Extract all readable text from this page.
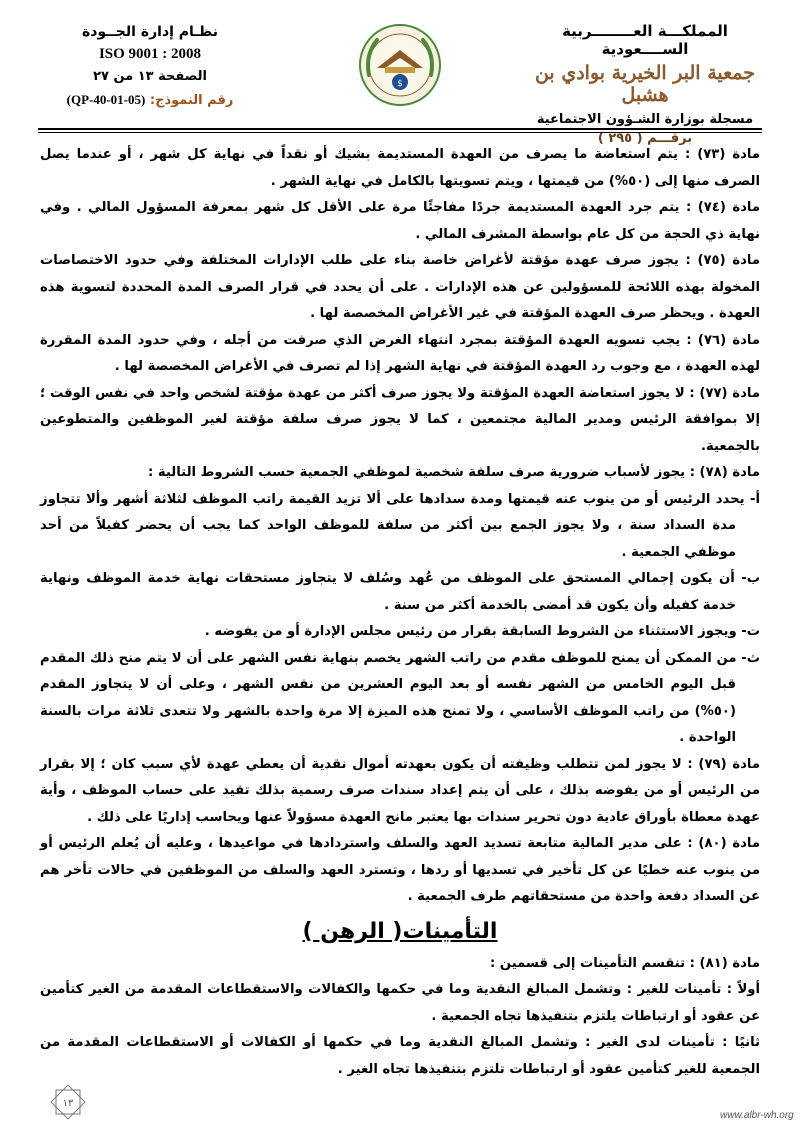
المملكـــة العــــــــربية الســــعودية
جمعية البر الخيرية بوادي بن هشبل
مسجلة بوزارة الشـؤون الاجتماعية
برقـــم ( ٢٩٥ )
$
نظـام إدارة الجــودة
ISO 9001 : 2008
الصفحة ١٣ من ٢٧
رقم النموذج: (QP-40-01-05)

مادة (٧٣) : يتم استعاضة ما يصرف من العهدة المستديمة بشيك أو نقداً في نهاية كل شهر ، أو عندما يصل الصرف منها إلى (٥٠%) من قيمتها ، ويتم تسويتها بالكامل في نهاية الشهر .

مادة (٧٤) : يتم جرد العهدة المستديمة جردًا مفاجئًا مرة على الأقل كل شهر بمعرفة المسؤول المالي . وفي نهاية ذي الحجة من كل عام بواسطة المشرف المالي .

مادة (٧٥) : يجوز صرف عهدة مؤقتة لأغراض خاصة بناء على طلب الإدارات المختلفة وفي حدود الاختصاصات المخولة بهذه اللائحة للمسؤولين عن هذه الإدارات . على أن يحدد في قرار الصرف المدة المحددة لتسوية هذه العهدة . ويحظر صرف العهدة المؤقتة في غير الأغراض المخصصة لها .

مادة (٧٦) : يجب تسويه العهدة المؤقتة بمجرد انتهاء الغرض الذي صرفت من أجله ، وفي حدود المدة المقررة لهذه العهدة ، مع وجوب رد العهدة المؤقتة في نهاية الشهر إذا لم تصرف في الأغراض المخصصة لها .

مادة (٧٧) : لا يجوز استعاضة العهدة المؤقتة ولا يجوز صرف أكثر من عهدة مؤقتة لشخص واحد في نفس الوقت ؛ إلا بموافقة الرئيس ومدير المالية مجتمعين ، كما لا يجوز صرف سلفة مؤقتة لغير الموظفين والمتطوعين بالجمعية.

مادة (٧٨) : يجوز لأسباب ضرورية صرف سلفة شخصية لموظفي الجمعية حسب الشروط التالية :

أ- يحدد الرئيس أو من ينوب عنه قيمتها ومدة سدادها على ألا تزيد القيمة راتب الموظف لثلاثة أشهر وألا تتجاوز مدة السداد سنة ، ولا يجوز الجمع بين أكثر من سلفة للموظف الواحد كما يجب أن يحضر كفيلاً من أحد موظفي الجمعية .

ب- أن يكون إجمالي المستحق على الموظف من عُهد وسُلف لا يتجاوز مستحقات نهاية خدمة الموظف ونهاية خدمة كفيله وأن يكون قد أمضى بالخدمة أكثر من سنة .

ت- ويجوز الاستثناء من الشروط السابقة بقرار من رئيس مجلس الإدارة أو من يفوضه .

ث- من الممكن أن يمنح للموظف مقدم من راتب الشهر يخصم بنهاية نفس الشهر على أن لا يتم منح ذلك المقدم قبل اليوم الخامس من الشهر نفسه أو بعد اليوم العشرين من نفس الشهر ، وعلى أن لا يتجاوز المقدم (٥٠%) من راتب الموظف الأساسي ، ولا تمنح هذه الميزة إلا مرة واحدة بالشهر ولا تتعدى ثلاثة مرات بالسنة الواحدة .

مادة (٧٩) : لا يجوز لمن تتطلب وظيفته أن يكون بعهدته أموال نقدية أن يعطي عهدة لأي سبب كان ؛ إلا بقرار من الرئيس أو من يفوضه بذلك ، على أن يتم إعداد سندات صرف رسمية بذلك تقيد على حساب الموظف ، وأية عهدة معطاة بأوراق عادية دون تحرير سندات بها يعتبر مانح العهدة مسؤولاً عنها ويحاسب إداريًا على ذلك .

مادة (٨٠) : على مدير المالية متابعة تسديد العهد والسلف واستردادها في مواعيدها ، وعليه أن يُعلم الرئيس أو من ينوب عنه خطيًا عن كل تأخير في تسديها أو ردها ، وتسترد العهد والسلف من الموظفين في حالات تأخر هم عن السداد دفعة واحدة من مستحقاتهم طرف الجمعية .

التأمينات( الرهن )

مادة (٨١) : تنقسم التأمينات إلى قسمين :

أولاً : تأمينات للغير : وتشمل المبالغ النقدية وما في حكمها والكفالات والاستقطاعات المقدمة من الغير كتأمين عن عقود أو ارتباطات يلتزم بتنفيذها تجاه الجمعية .

ثانيًا : تأمينات لدى الغير : وتشمل المبالغ النقدية وما في حكمها أو الكفالات أو الاستقطاعات المقدمة من الجمعية للغير كتأمين عقود أو ارتباطات تلتزم بتنفيذها تجاه الغير .

١٣
www.albr-wh.org
